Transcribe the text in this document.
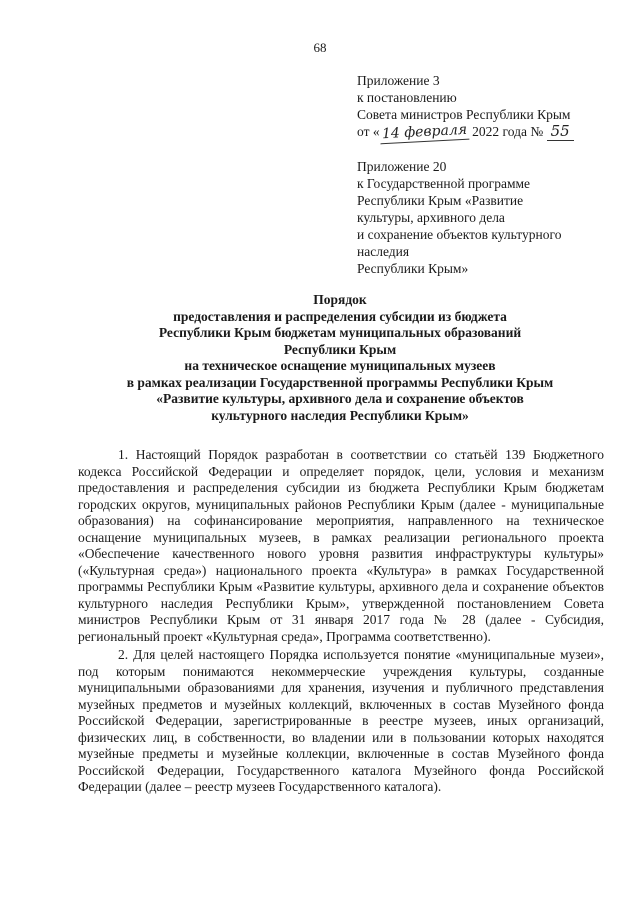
68
Приложение 3
к постановлению
Совета министров Республики Крым
от « 14 февраля 2022 года № 55
Приложение 20
к Государственной программе
Республики Крым «Развитие
культуры, архивного дела
и сохранение объектов культурного
наследия
Республики Крым»
Порядок
предоставления и распределения субсидии из бюджета
Республики Крым бюджетам муниципальных образований
Республики Крым
на техническое оснащение муниципальных музеев
в рамках реализации Государственной программы Республики Крым
«Развитие культуры, архивного дела и сохранение объектов
культурного наследия Республики Крым»

1. Настоящий Порядок разработан в соответствии со статьёй 139 Бюджетного кодекса Российской Федерации и определяет порядок, цели, условия и механизм предоставления и распределения субсидии из бюджета Республики Крым бюджетам городских округов, муниципальных районов Республики Крым (далее - муниципальные образования) на софинансирование мероприятия, направленного на техническое оснащение муниципальных музеев, в рамках реализации регионального проекта «Обеспечение качественного нового уровня развития инфраструктуры культуры» («Культурная среда») национального проекта «Культура» в рамках Государственной программы Республики Крым «Развитие культуры, архивного дела и сохранение объектов культурного наследия Республики Крым», утвержденной постановлением Совета министров Республики Крым от 31 января 2017 года № 28 (далее - Субсидия, региональный проект «Культурная среда», Программа соответственно).

2. Для целей настоящего Порядка используется понятие «муниципальные музеи», под которым понимаются некоммерческие учреждения культуры, созданные муниципальными образованиями для хранения, изучения и публичного представления музейных предметов и музейных коллекций, включенных в состав Музейного фонда Российской Федерации, зарегистрированные в реестре музеев, иных организаций, физических лиц, в собственности, во владении или в пользовании которых находятся музейные предметы и музейные коллекции, включенные в состав Музейного фонда Российской Федерации, Государственного каталога Музейного фонда Российской Федерации (далее – реестр музеев Государственного каталога).
